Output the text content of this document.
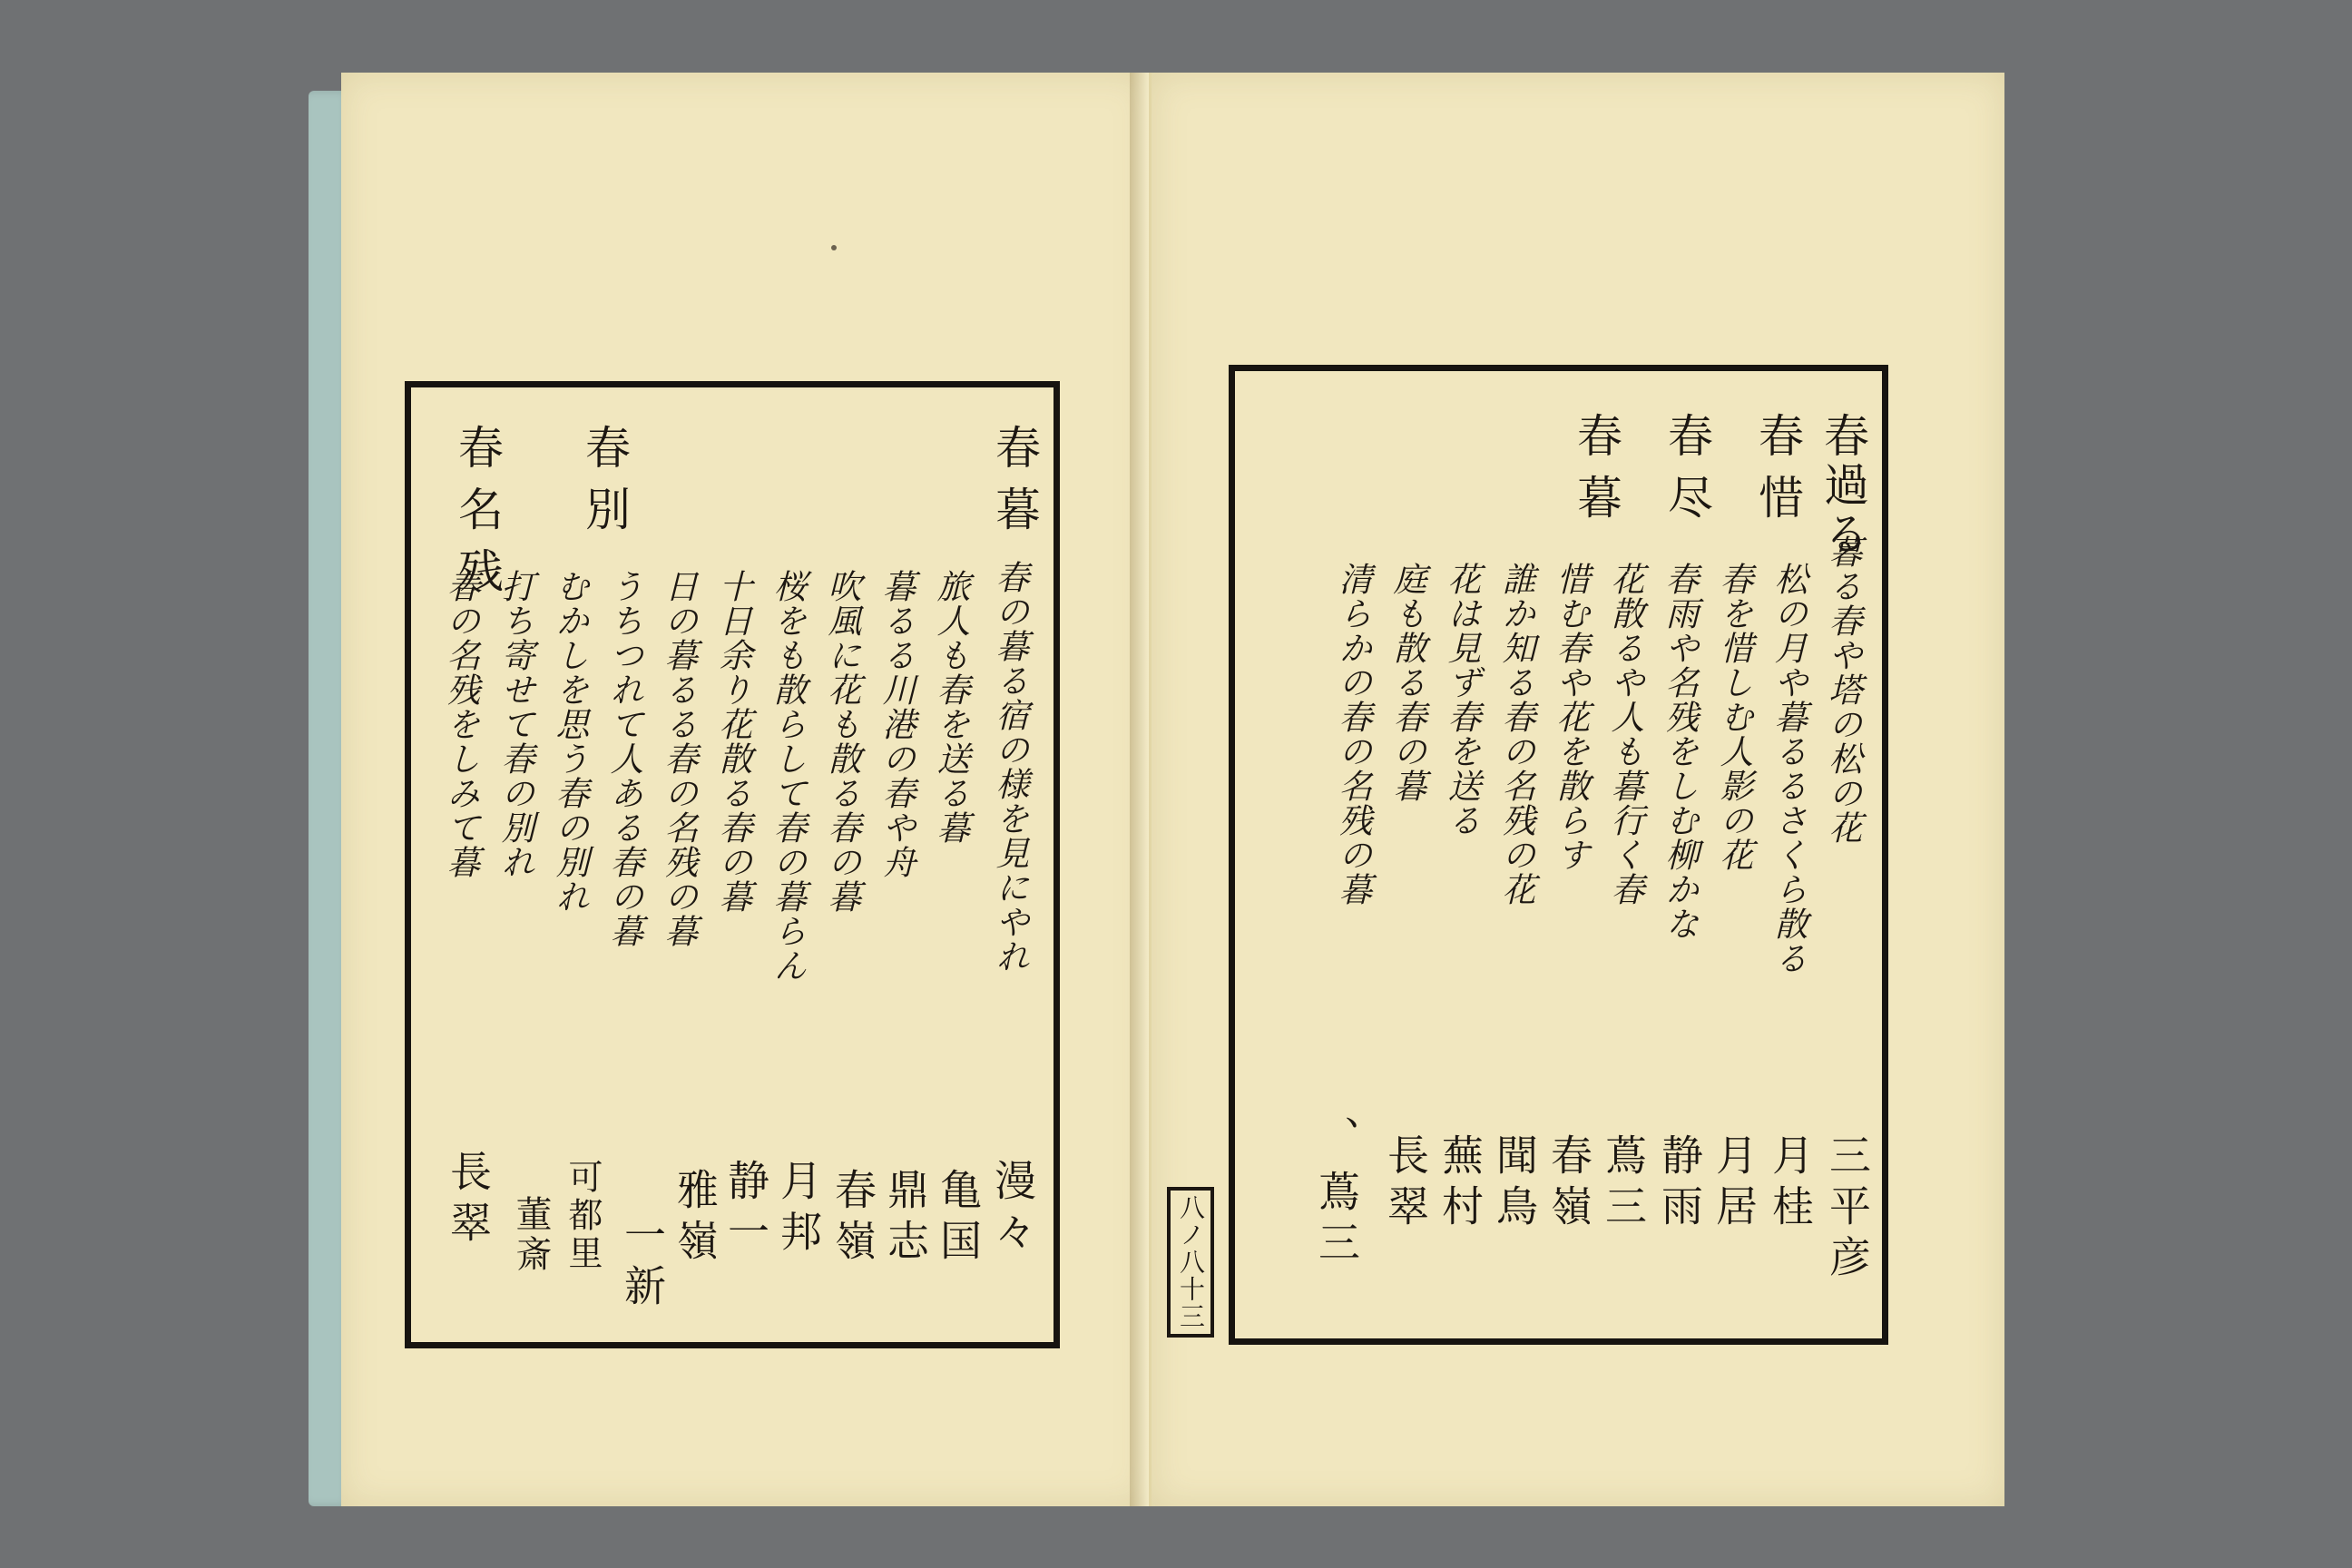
春暮
春別
春名残
春の暮る宿の様を見にやれ
旅人も春を送る暮
暮るる川港の春や舟
吹風に花も散る春の暮
桜をも散らして春の暮らん
十日余り花散る春の暮
日の暮るる春の名残の暮
うちつれて人ある春の暮
むかしを思う春の別れ
打ち寄せて春の別れ
春の名残をしみて暮
漫々
亀国
鼎志
春嶺
月邦
静一
雅嶺
一新
可都里
董斎
長翠
春過る
春惜
春尽
春暮
暮る春や塔の松の花
松の月や暮るるさくら散る
春を惜しむ人影の花
春雨や名残をしむ柳かな
花散るや人も暮行く春
惜む春や花を散らす
誰か知る春の名残の花
花は見ず春を送る
庭も散る春の暮
清らかの春の名残の暮
三平彦
月桂
月居
静雨
蔦三
春嶺
聞鳥
蕪村
長翠
、
蔦三
八ノ八十三
